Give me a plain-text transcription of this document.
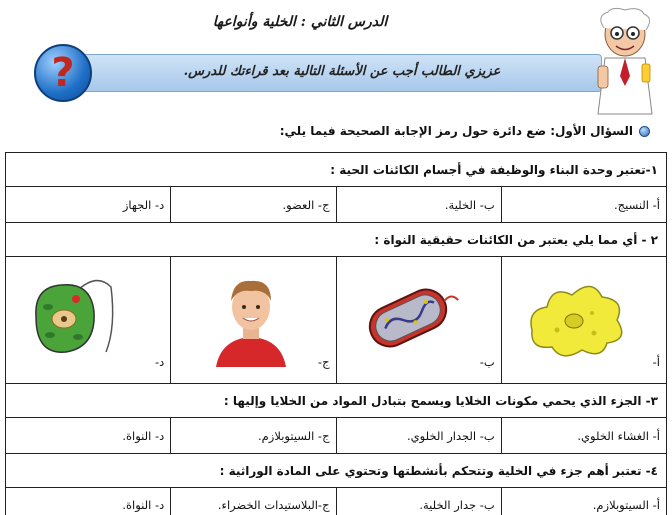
الدرس الثاني : الخلية وأنواعها
عزيزي الطالب أجب عن الأسئلة التالية بعد قراءتك للدرس.
?
السؤال الأول: ضع دائرة حول رمز الإجابة الصحيحة فيما يلي:
١-تعتبر وحدة البناء والوظيفة في أجسام الكائنات الحية :
أ- النسيج.
ب- الخلية.
ج- العضو.
د- الجهاز
٢ - أي مما يلي يعتبر من الكائنات حقيقية النواة :
أ-
ب-
ج-
د-
٣- الجزء الذي يحمي مكونات الخلايا ويسمح بتبادل المواد من الخلايا وإليها :
أ- الغشاء الخلوي.
ب- الجدار الخلوي.
ج- السيتوبلازم.
د- النواة.
٤- تعتبر أهم جزء في الخلية وتتحكم بأنشطتها وتحتوي على المادة الوراثية :
أ- السيتوبلازم.
ب- جدار الخلية.
ج-البلاستيدات الخضراء.
د- النواة.
